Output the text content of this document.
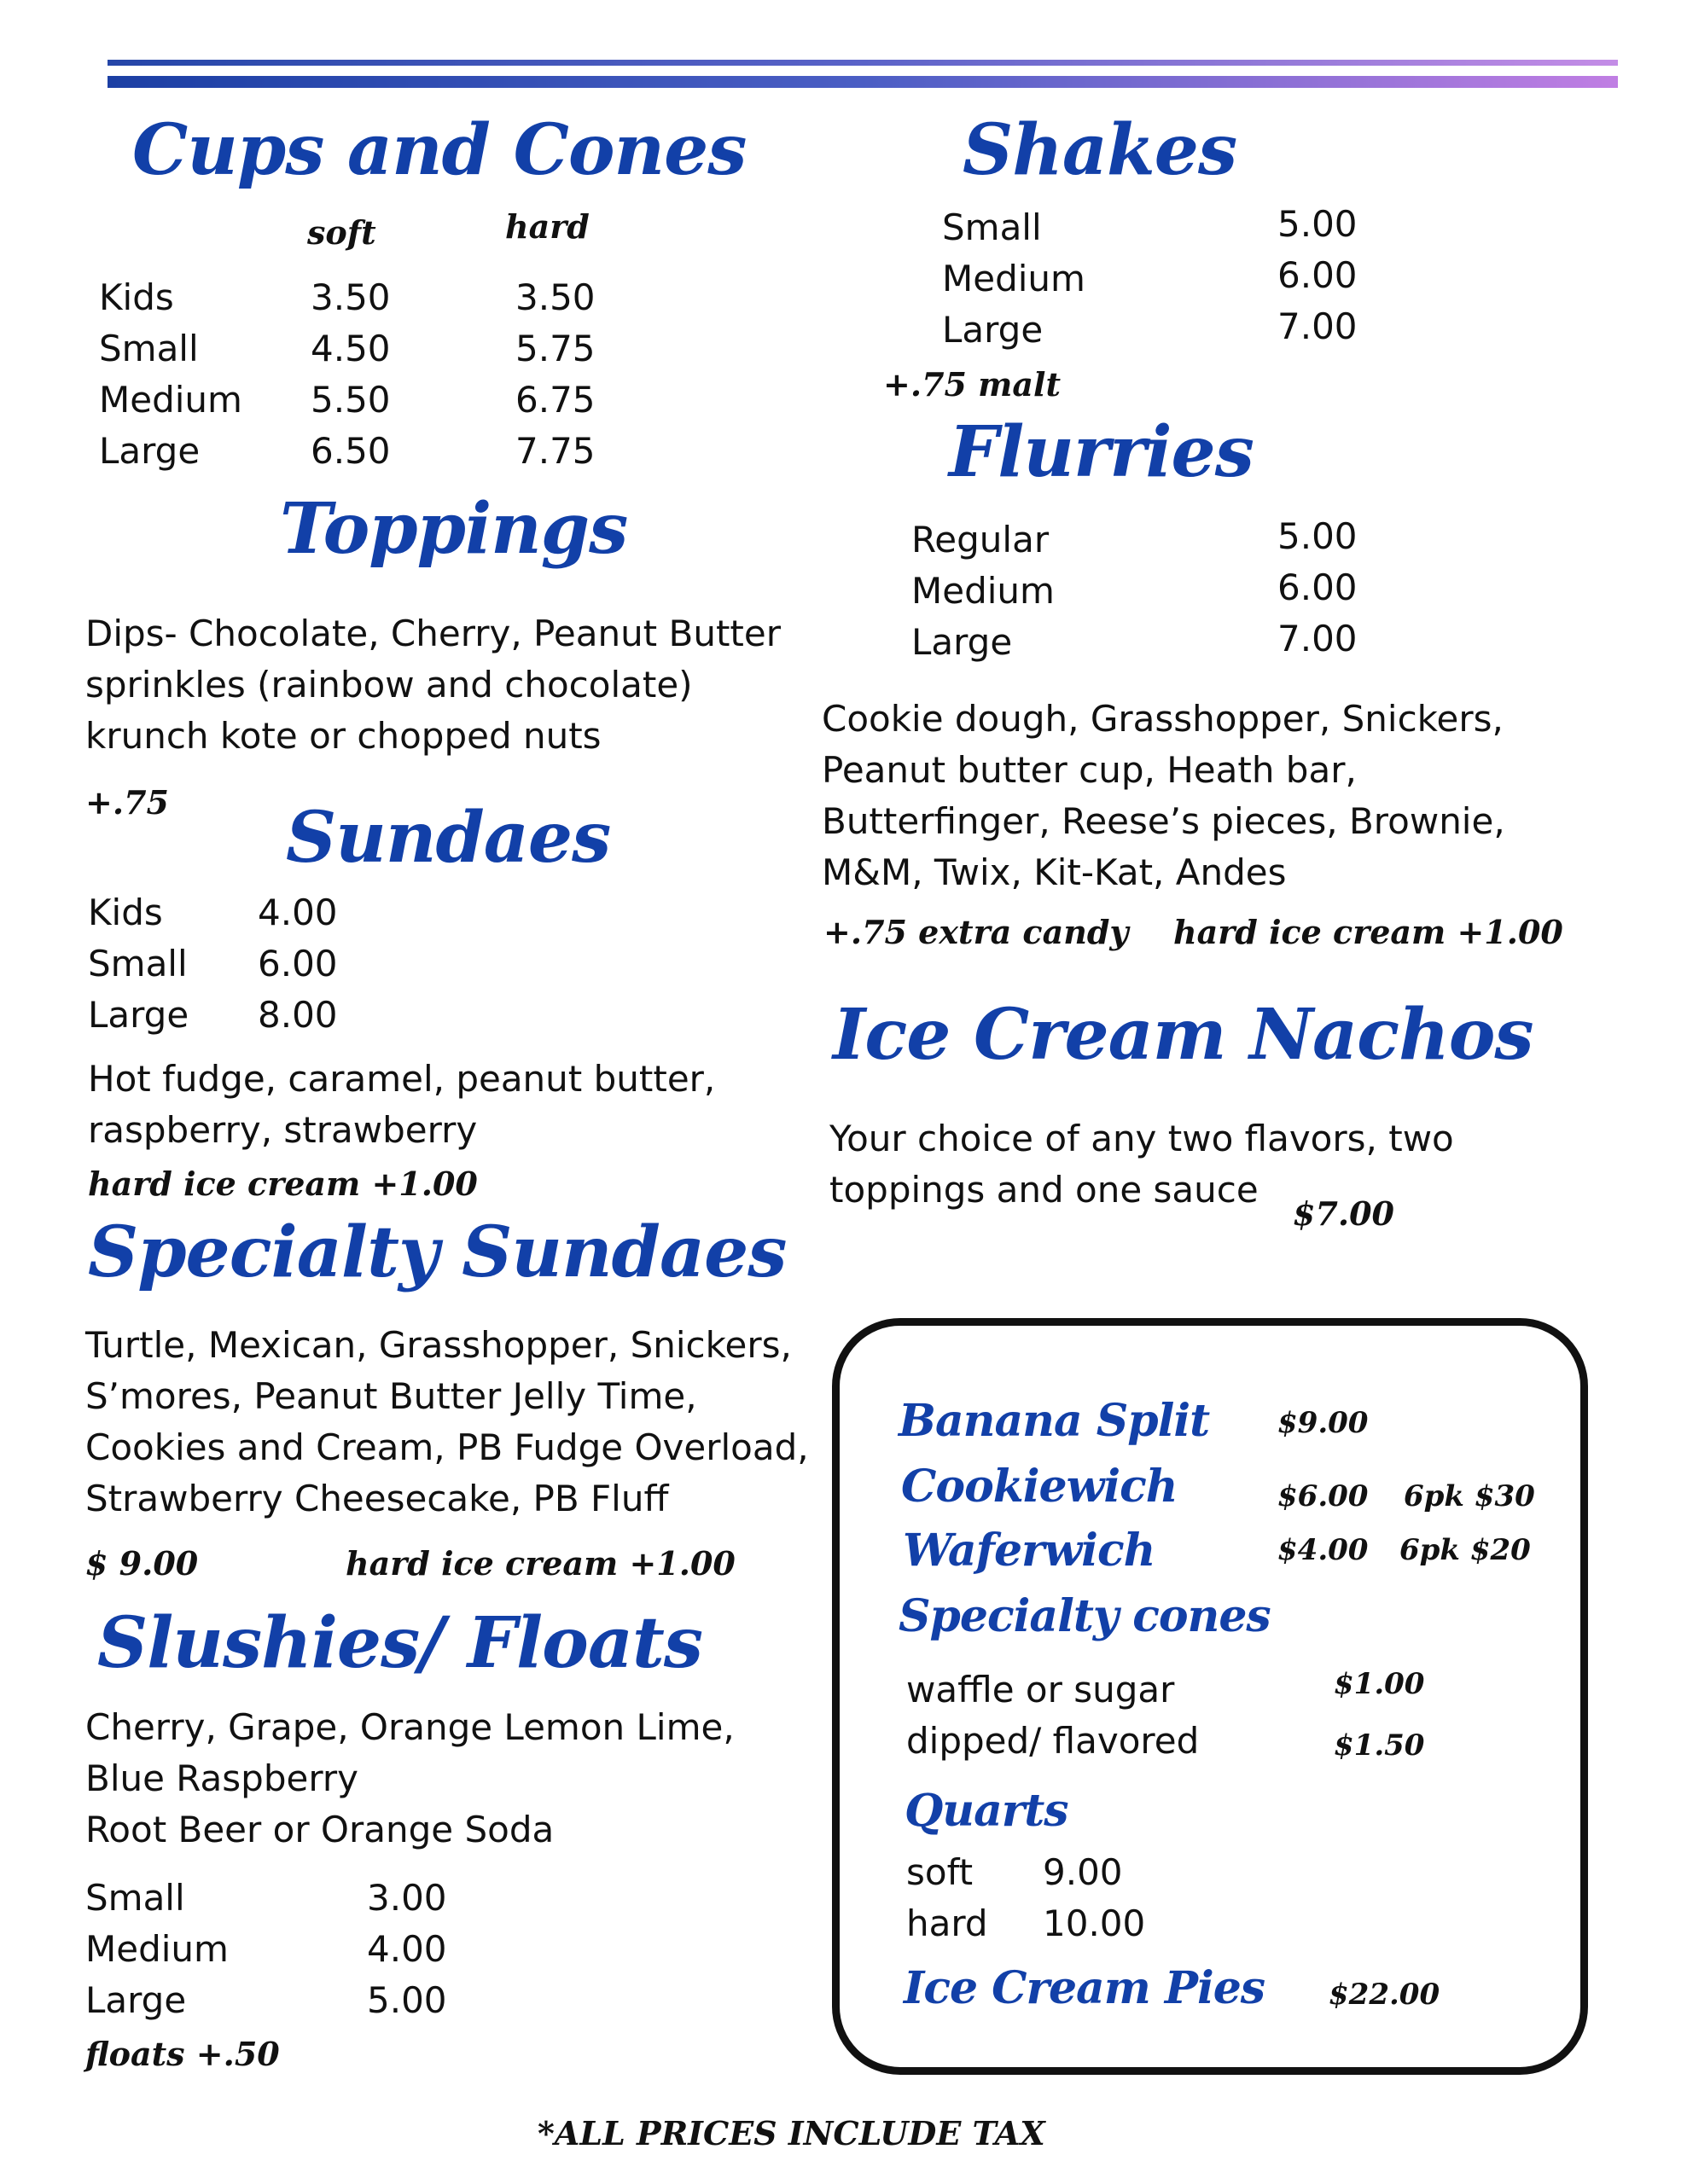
Cups and Cones
soft	hard
Kids	3.50	3.50
Small	4.50	5.75
Medium 5.50	6.75
Large	6.50	7.75
Toppings
Dips- Chocolate, Cherry, Peanut Butter
sprinkles (rainbow and chocolate)
krunch kote or chopped nuts
+.75 Sundaes
Kids	4.00
Small 6.00
Large 8.00
Hot fudge, caramel, peanut butter,
raspberry, strawberry
hard ice cream +1.00
Specialty Sundaes
Turtle, Mexican, Grasshopper, Snickers,
S’mores, Peanut Butter Jelly Time,
Cookies and Cream, PB Fudge Overload,
Strawberry Cheesecake, PB Fluff
$ 9.00	hard ice cream +1.00
Slushies/ Floats
Cherry, Grape, Orange Lemon Lime,
Blue Raspberry
Root Beer or Orange Soda
Small	3.00
Medium	4.00
Large	5.00
floats +.50
Shakes
Small	5.00
Medium	6.00
Large	7.00
+.75 malt
Flurries
Regular	5.00
Medium	6.00
Large	7.00
Cookie dough, Grasshopper, Snickers,
Peanut butter cup, Heath bar,
Butterfinger, Reese’s pieces, Brownie,
M&M, Twix, Kit-Kat, Andes
+.75 extra candy hard ice cream +1.00
Ice Cream Nachos
Your choice of any two flavors, two
toppings and one sauce
$7.00
Banana Split $9.00
Cookiewich	$6.00 6pk $30
Waferwich	$4.00 6pk $20
Specialty cones
waffle or sugar	$1.00
dipped/ flavored	$1.50
Quarts
soft 9.00
hard 10.00
Ice Cream Pies $22.00
*ALL PRICES INCLUDE TAX
